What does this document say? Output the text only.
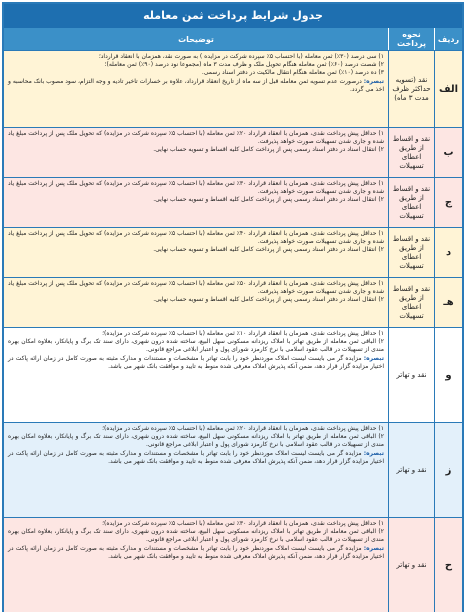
جدول شرایط پرداخت ثمن معامله
ردیف
نحوه پرداخت
توضیحات
الف
نقد (تسویه حداکثر ظرف مدت ۳ ماه)
۱) سی درصد (۳۰٪) ثمن معامله (با احتساب ۵٪ سپرده شرکت در مزایده ) به صورت نقد، همزمان با انعقاد قرارداد؛
۲) شصت درصد (۶۰٪) ثمن معامله هنگام تحویل ملک و ظرف مدت ۳ ماه (مجموعا نود درصد (۹۰٪) ثمن معامله)؛
۳) ده درصد (۱۰٪) ثمن معامله هنگام انتقال مالکیت در دفتر اسناد رسمی.
تبصره: درصورت عدم تسویه ثمن معامله قبل از سه ماه از تاریخ انعقاد قرارداد، علاوه بر خسارات تاخیر تادیه و وجه التزام، سود مصوب بانک محاسبه و اخذ می گردد.
ب
نقد و اقساط از طریق اعطای تسهیلات
۱) حداقل پیش پرداخت نقدی، همزمان با انعقاد قرارداد ۲۰٪ ثمن معامله (با احتساب ۵٪ سپرده شرکت در مزایده) که تحویل ملک پس از پرداخت مبلغ یاد شده و جاری شدن تسهیلات صورت خواهد پذیرفت.
۲) انتقال اسناد در دفتر اسناد رسمی پس از پرداخت کامل کلیه اقساط و تسویه حساب نهایی.
ج
نقد و اقساط از طریق اعطای تسهیلات
۱) حداقل پیش پرداخت نقدی، همزمان با انعقاد قرارداد ۳۰٪ ثمن معامله (با احتساب ۵٪ سپرده شرکت در مزایده) که تحویل ملک پس از پرداخت مبلغ یاد شده و جاری شدن تسهیلات صورت خواهد پذیرفت.
۲) انتقال اسناد در دفتر اسناد رسمی پس از پرداخت کامل کلیه اقساط و تسویه حساب نهایی.
د
نقد و اقساط از طریق اعطای تسهیلات
۱) حداقل پیش پرداخت نقدی، همزمان با انعقاد قرارداد ۴۰٪ ثمن معامله (با احتساب ۵٪ سپرده شرکت در مزایده) که تحویل ملک پس از پرداخت مبلغ یاد شده و جاری شدن تسهیلات صورت خواهد پذیرفت.
۲) انتقال اسناد در دفتر اسناد رسمی پس از پرداخت کامل کلیه اقساط و تسویه حساب نهایی.
هـ
نقد و اقساط از طریق اعطای تسهیلات
۱) حداقل پیش پرداخت نقدی، همزمان با انعقاد قرارداد ۵۰٪ ثمن معامله (با احتساب ۵٪ سپرده شرکت در مزایده) که تحویل ملک پس از پرداخت مبلغ یاد شده و جاری شدن تسهیلات صورت خواهد پذیرفت.
۲) انتقال اسناد در دفتر اسناد رسمی پس از پرداخت کامل کلیه اقساط و تسویه حساب نهایی.
و
نقد و تهاتر
۱) حداقل پیش پرداخت نقدی، همزمان با انعقاد قرارداد ۱۰٪ ثمن معامله (با احتساب ۵٪ سپرده شرکت در مزایده)؛
۲) الباقی ثمن معامله از طریق تهاتر با املاک ریزدانه مسکونی سهل البیع، ساخته شده درون شهری، دارای سند تک برگ و پایانکار، بعلاوه امکان بهره مندی از تسهیلات در قالب عقود اسلامی با نرخ کارمزد شورای پول و اعتبار ابلاغی مراجع قانونی.
تبصره: مزایده گر می بایست لیست املاک موردنظر خود را بابت تهاتر با مشخصات و مستندات و مدارک مثبته به صورت کامل در زمان ارائه پاکت در اختیار مزایده گزار قرار دهد، ضمن آنکه پذیرش املاک معرفی شده منوط به تایید و موافقت بانک شهر می باشد.
ز
نقد و تهاتر
۱) حداقل پیش پرداخت نقدی، همزمان با انعقاد قرارداد ۲۰٪ ثمن معامله (با احتساب ۵٪ سپرده شرکت در مزایده)؛
۲) الباقی ثمن معامله از طریق تهاتر با املاک ریزدانه مسکونی سهل البیع، ساخته شده درون شهری، دارای سند تک برگ و پایانکار، بعلاوه امکان بهره مندی از تسهیلات در قالب عقود اسلامی با نرخ کارمزد شورای پول و اعتبار ابلاغی مراجع قانونی.
تبصره: مزایده گر می بایست لیست املاک موردنظر خود را بابت تهاتر با مشخصات و مستندات و مدارک مثبته به صورت کامل در زمان ارائه پاکت در اختیار مزایده گزار قرار دهد، ضمن آنکه پذیرش املاک معرفی شده منوط به تایید و موافقت بانک شهر می باشد.
ح
نقد و تهاتر
۱) حداقل پیش پرداخت نقدی، همزمان با انعقاد قرارداد ۳۰٪ ثمن معامله (با احتساب ۵٪ سپرده شرکت در مزایده)؛
۲) الباقی ثمن معامله از طریق تهاتر با املاک ریزدانه مسکونی سهل البیع، ساخته شده درون شهری، دارای سند تک برگ و پایانکار، بعلاوه امکان بهره مندی از تسهیلات در قالب عقود اسلامی با نرخ کارمزد شورای پول و اعتبار ابلاغی مراجع قانونی.
تبصره: مزایده گر می بایست لیست املاک موردنظر خود را بابت تهاتر با مشخصات و مستندات و مدارک مثبته به صورت کامل در زمان ارائه پاکت در اختیار مزایده گزار قرار دهد، ضمن آنکه پذیرش املاک معرفی شده منوط به تایید و موافقت بانک شهر می باشد.
